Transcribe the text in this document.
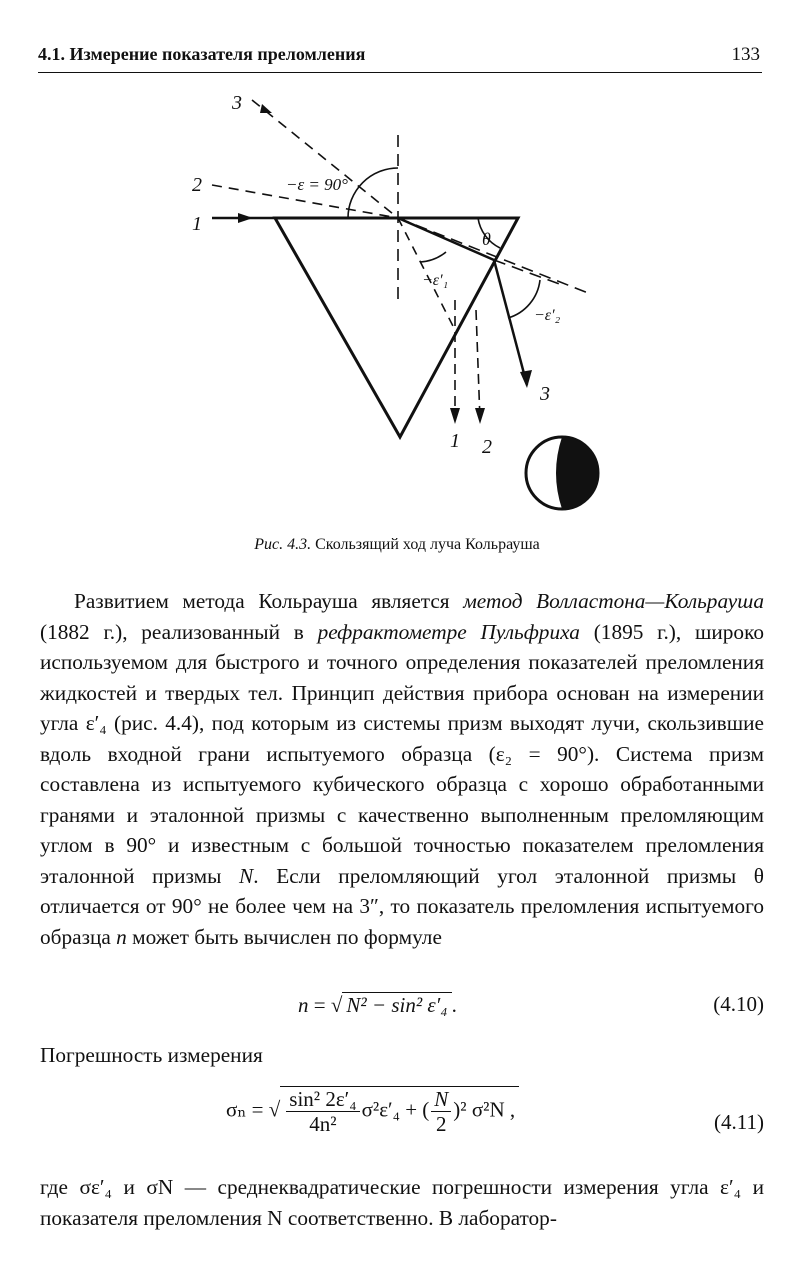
4.1. Измерение показателя преломления	133
3
2
1
−ε = 90°
θ
−ε′₁
−ε′₂
3
1 2
Рис. 4.3. Скользящий ход луча Кольрауша

Развитием метода Кольрауша является метод Волластона—Кольрауша (1882 г.), реализованный в рефрактометре Пульфриха (1895 г.), широко используемом для быстрого и точного определения показателей преломления жидкостей и твердых тел. Принцип действия прибора основан на измерении угла ε′₄ (рис. 4.4), под которым из системы призм выходят лучи, скользившие вдоль входной грани испытуемого образца (ε₂ = 90°). Система призм составлена из испытуемого кубического образца с хорошо обработанными гранями и эталонной призмы с качественно выполненным преломляющим углом в 90° и известным с большой точностью показателем преломления эталонной призмы N. Если преломляющий угол эталонной призмы θ отличается от 90° не более чем на 3″, то показатель преломления испытуемого образца n может быть вычислен по формуле

n = √ N² − sin² ε′₄ .	(4.10)
Погрешность измерения
σₙ = √ $\frac{\text{sin² 2ε′₄}}{\text{4n²}} \sigma^2\varepsilon'_4$ + ( $\frac{N}{2} )^2$ σ²N ,
(4.11)
где σε′₄ и σN — среднеквадратические погрешности измерения угла ε′₄ и показателя преломления N соответственно. В лаборатор-
